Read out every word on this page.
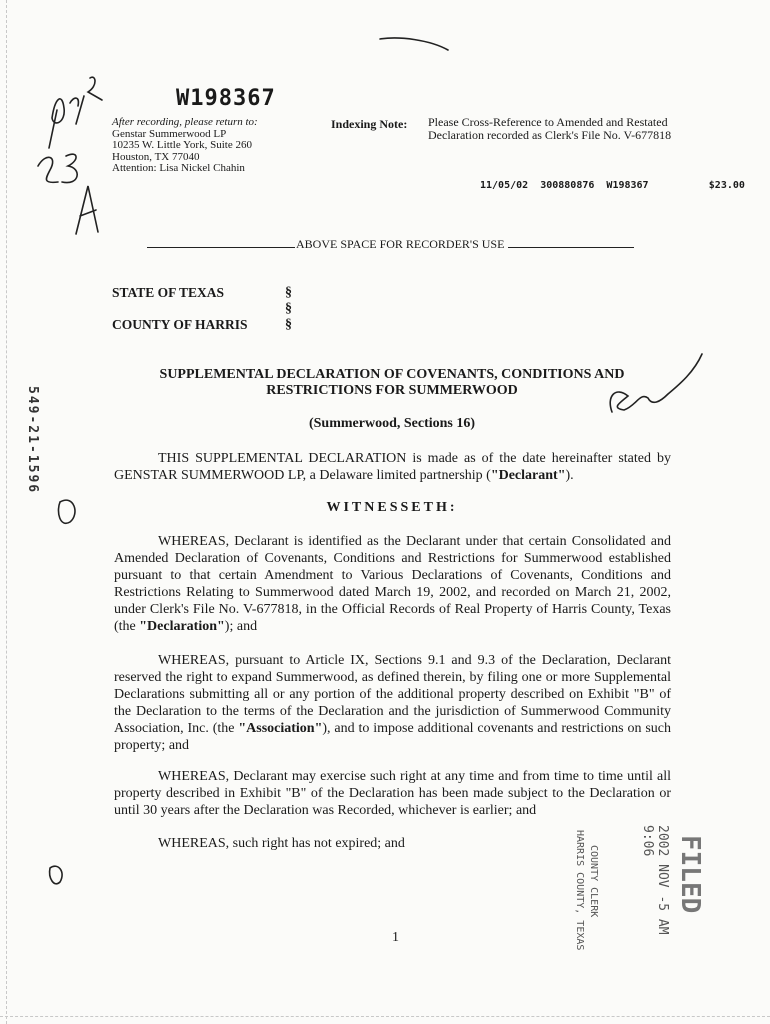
W198367
After recording, please return to:
Genstar Summerwood LP
10235 W. Little York, Suite 260
Houston, TX 77040
Attention: Lisa Nickel Chahin
Indexing Note: Please Cross-Reference to Amended and Restated
Declaration recorded as Clerk's File No. V-677818
11/05/02  300880876  W198367          $23.00
ABOVE SPACE FOR RECORDER'S USE
STATE OF TEXAS
COUNTY OF HARRIS
§
§
§
SUPPLEMENTAL DECLARATION OF COVENANTS, CONDITIONS AND
RESTRICTIONS FOR SUMMERWOOD
(Summerwood, Sections 16)

THIS SUPPLEMENTAL DECLARATION is made as of the date hereinafter stated by GENSTAR SUMMERWOOD LP, a Delaware limited partnership ("Declarant").

WITNESSETH:

WHEREAS, Declarant is identified as the Declarant under that certain Consolidated and Amended Declaration of Covenants, Conditions and Restrictions for Summerwood established pursuant to that certain Amendment to Various Declarations of Covenants, Conditions and Restrictions Relating to Summerwood dated March 19, 2002, and recorded on March 21, 2002, under Clerk's File No. V-677818, in the Official Records of Real Property of Harris County, Texas (the "Declaration"); and

WHEREAS, pursuant to Article IX, Sections 9.1 and 9.3 of the Declaration, Declarant reserved the right to expand Summerwood, as defined therein, by filing one or more Supplemental Declarations submitting all or any portion of the additional property described on Exhibit "B" of the Declaration to the terms of the Declaration and the jurisdiction of Summerwood Community Association, Inc. (the "Association"), and to impose additional covenants and restrictions on such property; and

WHEREAS, Declarant may exercise such right at any time and from time to time until all property described in Exhibit "B" of the Declaration has been made subject to the Declaration or until 30 years after the Declaration was Recorded, whichever is earlier; and

WHEREAS, such right has not expired; and

1
549-21-1596
FILED
2002 NOV -5 AM 9:06
COUNTY CLERK
HARRIS COUNTY, TEXAS
